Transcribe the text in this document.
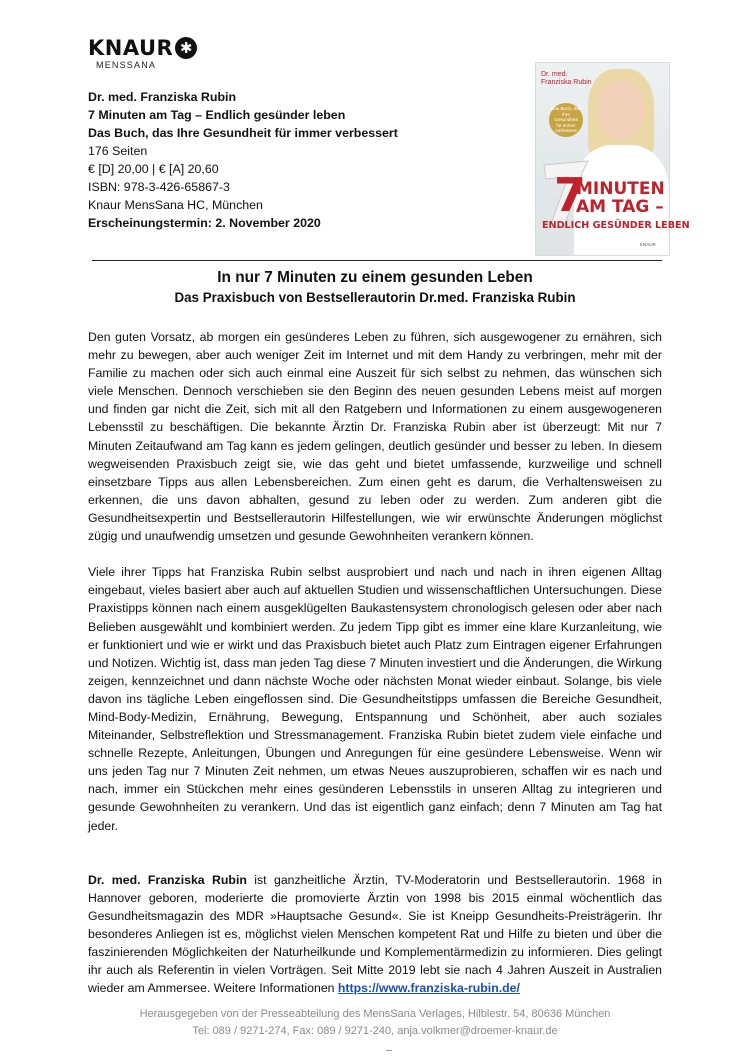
KNAUR ✱
MENSSANA
Dr. med. Franziska Rubin
7 Minuten am Tag – Endlich gesünder leben
Das Buch, das Ihre Gesundheit für immer verbessert
176 Seiten
€ [D] 20,00 | € [A] 20,60
ISBN: 978-3-426-65867-3
Knaur MensSana HC, München
Erscheinungstermin: 2. November 2020
Dr. med.
Franziska Rubin
Das Buch, das Ihre Gesundheit für immer verbessert
7
MINUTEN
AM TAG –
ENDLICH GESÜNDER LEBEN
KNAUR
In nur 7 Minuten zu einem gesunden Leben
Das Praxisbuch von Bestsellerautorin Dr.med. Franziska Rubin

Den guten Vorsatz, ab morgen ein gesünderes Leben zu führen, sich ausgewogener zu ernähren, sich mehr zu bewegen, aber auch weniger Zeit im Internet und mit dem Handy zu verbringen, mehr mit der Familie zu machen oder sich auch einmal eine Auszeit für sich selbst zu nehmen, das wünschen sich viele Menschen. Dennoch verschieben sie den Beginn des neuen gesunden Lebens meist auf morgen und finden gar nicht die Zeit, sich mit all den Ratgebern und Informationen zu einem ausgewogeneren Lebensstil zu beschäftigen. Die bekannte Ärztin Dr. Franziska Rubin aber ist überzeugt: Mit nur 7 Minuten Zeitaufwand am Tag kann es jedem gelingen, deutlich gesünder und besser zu leben. In diesem wegweisenden Praxisbuch zeigt sie, wie das geht und bietet umfassende, kurzweilige und schnell einsetzbare Tipps aus allen Lebensbereichen. Zum einen geht es darum, die Verhaltensweisen zu erkennen, die uns davon abhalten, gesund zu leben oder zu werden. Zum anderen gibt die Gesundheitsexpertin und Bestsellerautorin Hilfestellungen, wie wir erwünschte Änderungen möglichst zügig und unaufwendig umsetzen und gesunde Gewohnheiten verankern können.

Viele ihrer Tipps hat Franziska Rubin selbst ausprobiert und nach und nach in ihren eigenen Alltag eingebaut, vieles basiert aber auch auf aktuellen Studien und wissenschaftlichen Untersuchungen. Diese Praxistipps können nach einem ausgeklügelten Baukastensystem chronologisch gelesen oder aber nach Belieben ausgewählt und kombiniert werden. Zu jedem Tipp gibt es immer eine klare Kurzanleitung, wie er funktioniert und wie er wirkt und das Praxisbuch bietet auch Platz zum Eintragen eigener Erfahrungen und Notizen. Wichtig ist, dass man jeden Tag diese 7 Minuten investiert und die Änderungen, die Wirkung zeigen, kennzeichnet und dann nächste Woche oder nächsten Monat wieder einbaut. Solange, bis viele davon ins tägliche Leben eingeflossen sind. Die Gesundheitstipps umfassen die Bereiche Gesundheit, Mind-Body-Medizin, Ernährung, Bewegung, Entspannung und Schönheit, aber auch soziales Miteinander, Selbstreflektion und Stressmanagement. Franziska Rubin bietet zudem viele einfache und schnelle Rezepte, Anleitungen, Übungen und Anregungen für eine gesündere Lebensweise. Wenn wir uns jeden Tag nur 7 Minuten Zeit nehmen, um etwas Neues auszuprobieren, schaffen wir es nach und nach, immer ein Stückchen mehr eines gesünderen Lebensstils in unseren Alltag zu integrieren und gesunde Gewohnheiten zu verankern. Und das ist eigentlich ganz einfach; denn 7 Minuten am Tag hat jeder.

Dr. med. Franziska Rubin ist ganzheitliche Ärztin, TV-Moderatorin und Bestsellerautorin. 1968 in Hannover geboren, moderierte die promovierte Ärztin von 1998 bis 2015 einmal wöchentlich das Gesundheitsmagazin des MDR »Hauptsache Gesund«. Sie ist Kneipp Gesundheits-Preisträgerin. Ihr besonderes Anliegen ist es, möglichst vielen Menschen kompetent Rat und Hilfe zu bieten und über die faszinierenden Möglichkeiten der Naturheilkunde und Komplementärmedizin zu informieren. Dies gelingt ihr auch als Referentin in vielen Vorträgen. Seit Mitte 2019 lebt sie nach 4 Jahren Auszeit in Australien wieder am Ammersee. Weitere Informationen https://www.franziska-rubin.de/

Herausgegeben von der Presseabteilung des MensSana Verlages, Hilblestr. 54, 80636 München
Tel: 089 / 9271-274, Fax: 089 / 9271-240, anja.volkmer@droemer-knaur.de
